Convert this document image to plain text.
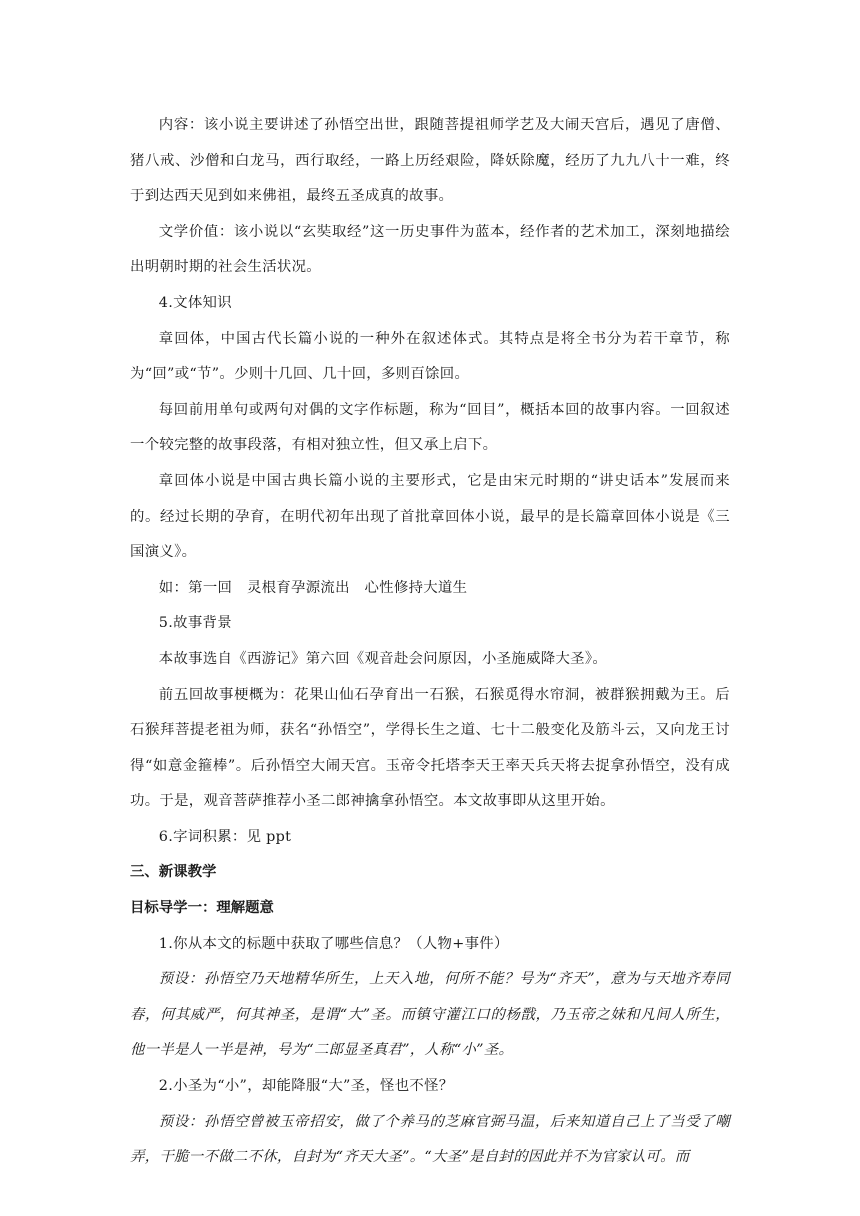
内容：该小说主要讲述了孙悟空出世，跟随菩提祖师学艺及大闹天宫后，遇见了唐僧、猪八戒、沙僧和白龙马，西行取经，一路上历经艰险，降妖除魔，经历了九九八十一难，终于到达西天见到如来佛祖，最终五圣成真的故事。

文学价值：该小说以“玄奘取经”这一历史事件为蓝本，经作者的艺术加工，深刻地描绘出明朝时期的社会生活状况。

4.文体知识

章回体，中国古代长篇小说的一种外在叙述体式。其特点是将全书分为若干章节，称为“回”或“节”。少则十几回、几十回，多则百馀回。

每回前用单句或两句对偶的文字作标题，称为“回目”，概括本回的故事内容。一回叙述一个较完整的故事段落，有相对独立性，但又承上启下。

章回体小说是中国古典长篇小说的主要形式，它是由宋元时期的“讲史话本”发展而来的。经过长期的孕育，在明代初年出现了首批章回体小说，最早的是长篇章回体小说是《三国演义》。

如：第一回　灵根育孕源流出　心性修持大道生

5.故事背景

本故事选自《西游记》第六回《观音赴会问原因，小圣施威降大圣》。

前五回故事梗概为：花果山仙石孕育出一石猴，石猴觅得水帘洞，被群猴拥戴为王。后石猴拜菩提老祖为师，获名“孙悟空”，学得长生之道、七十二般变化及筋斗云，又向龙王讨得“如意金箍棒”。后孙悟空大闹天宫。玉帝令托塔李天王率天兵天将去捉拿孙悟空，没有成功。于是，观音菩萨推荐小圣二郎神擒拿孙悟空。本文故事即从这里开始。

6.字词积累：见 ppt

三、新课教学

目标导学一：理解题意

1.你从本文的标题中获取了哪些信息？（人物+事件）

预设：孙悟空乃天地精华所生，上天入地，何所不能？号为“齐天”，意为与天地齐寿同春，何其威严，何其神圣，是谓“大”圣。而镇守灌江口的杨戬，乃玉帝之妹和凡间人所生，他一半是人一半是神，号为“二郎显圣真君”，人称“小”圣。

2.小圣为“小”，却能降服“大”圣，怪也不怪？

预设：孙悟空曾被玉帝招安，做了个养马的芝麻官弼马温，后来知道自己上了当受了嘲弄，干脆一不做二不休，自封为“齐天大圣”。“大圣”是自封的因此并不为官家认可。而
